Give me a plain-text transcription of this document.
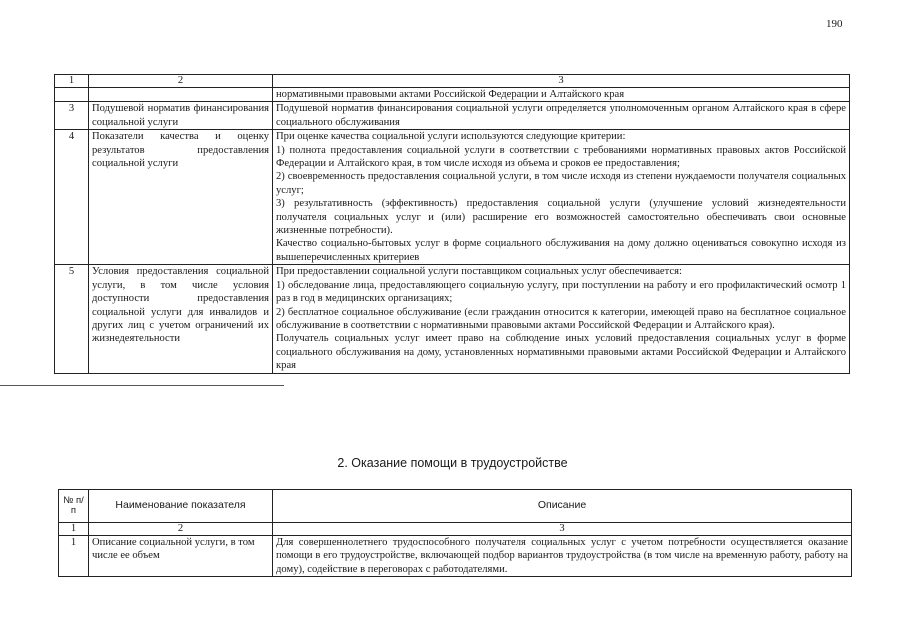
190
1	2	3

		нормативными правовыми актами Российской Федерации и Алтайского края

3	Подушевой норматив финансирования социальной услуги	Подушевой норматив финансирования социальной услуги определяется уполномоченным органом Алтайского края в сфере социального обслуживания

4	Показатели качества и оценку результатов предоставления социальной услуги	При оценке качества социальной услуги используются следующие критерии:
1) полнота предоставления социальной услуги в соответствии с требованиями нормативных правовых актов Российской Федерации и Алтайского края, в том числе исходя из объема и сроков ее предоставления;
2) своевременность предоставления социальной услуги, в том числе исходя из степени нуждаемости получателя социальных услуг;
3) результативность (эффективность) предоставления социальной услуги (улучшение условий жизнедеятельности получателя социальных услуг и (или) расширение его возможностей самостоятельно обеспечивать свои основные жизненные потребности).
Качество социально-бытовых услуг в форме социального обслуживания на дому должно оцениваться совокупно исходя из вышеперечисленных критериев

5	Условия предоставления социальной услуги, в том числе условия доступности предоставления социальной услуги для инвалидов и других лиц с учетом ограничений их жизнедеятельности	При предоставлении социальной услуги поставщиком социальных услуг обеспечивается:
1) обследование лица, предоставляющего социальную услугу, при поступлении на работу и его профилактический осмотр 1 раз в год в медицинских организациях;
2) бесплатное социальное обслуживание (если гражданин относится к категории, имеющей право на бесплатное социальное обслуживание в соответствии с нормативными правовыми актами Российской Федерации и Алтайского края).
Получатель социальных услуг имеет право на соблюдение иных условий предоставления социальных услуг в форме социального обслуживания на дому, установленных нормативными правовыми актами Российской Федерации и Алтайского края
2. Оказание помощи в трудоустройстве
№ п/п	Наименование показателя	Описание
1	2	3
1	Описание социальной услуги, в том числе ее объем	Для совершеннолетнего трудоспособного получателя социальных услуг с учетом потребности осуществляется оказание помощи в его трудоустройстве, включающей подбор вариантов трудоустройства (в том числе на временную работу, работу на дому), содействие в переговорах с работодателями.
